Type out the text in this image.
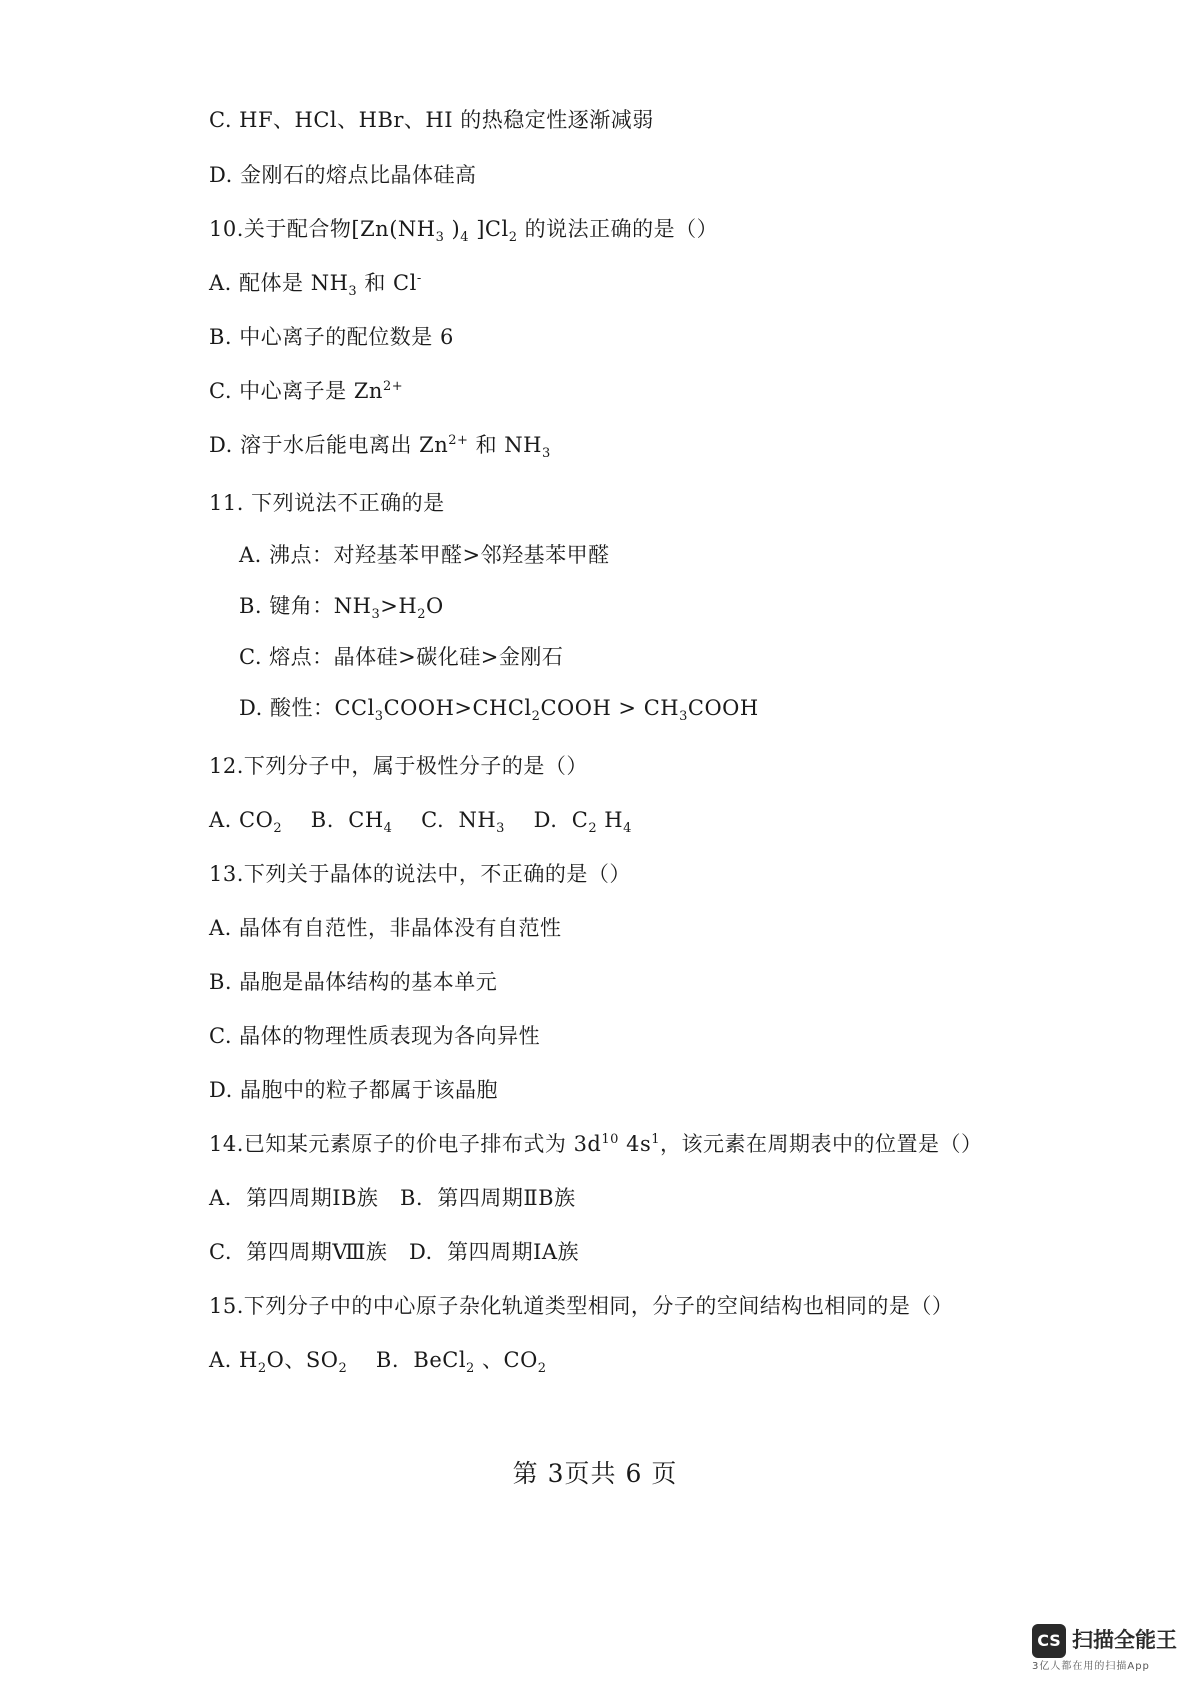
C. HF、HCl、HBr、HI 的热稳定性逐渐减弱
D. 金刚石的熔点比晶体硅高
10.关于配合物[$Zn(NH_3$ )$_4$ ]$Cl_2$ 的说法正确的是（）
A. 配体是 $NH_3$ 和 Cl-
B. 中心离子的配位数是 6
C. 中心离子是 $Zn^{2+}$
D. 溶于水后能电离出 $Zn^{2+}$ 和 $NH_3$
11. 下列说法不正确的是
A. 沸点：对羟基苯甲醛>邻羟基苯甲醛
B. 键角：$NH_3>H_2O$
C. 熔点：晶体硅>碳化硅>金刚石
D. 酸性：CCl$_3$COOH>CHCl$_2$COOH > $CH_3COOH$
12.下列分子中，属于极性分子的是（）
A. $CO_2$    B.  $CH_4$    C.  $NH_3$    D.  $C_2$ $H_4$
13.下列关于晶体的说法中，不正确的是（）
A. 晶体有自范性，非晶体没有自范性
B. 晶胞是晶体结构的基本单元
C. 晶体的物理性质表现为各向异性
D. 晶胞中的粒子都属于该晶胞
14.已知某元素原子的价电子排布式为 $3d^{10}$ $4s^1$，该元素在周期表中的位置是（）
A.  第四周期ⅠB族   B.  第四周期ⅡB族
C.  第四周期Ⅷ族   D.  第四周期ⅠA族
15.下列分子中的中心原子杂化轨道类型相同，分子的空间结构也相同的是（）
A. $H_2O$、$SO_2$    B.  BeCl$_2$ 、$CO_2$
第 3页共 6 页
CS 扫描全能王
3亿人都在用的扫描App
